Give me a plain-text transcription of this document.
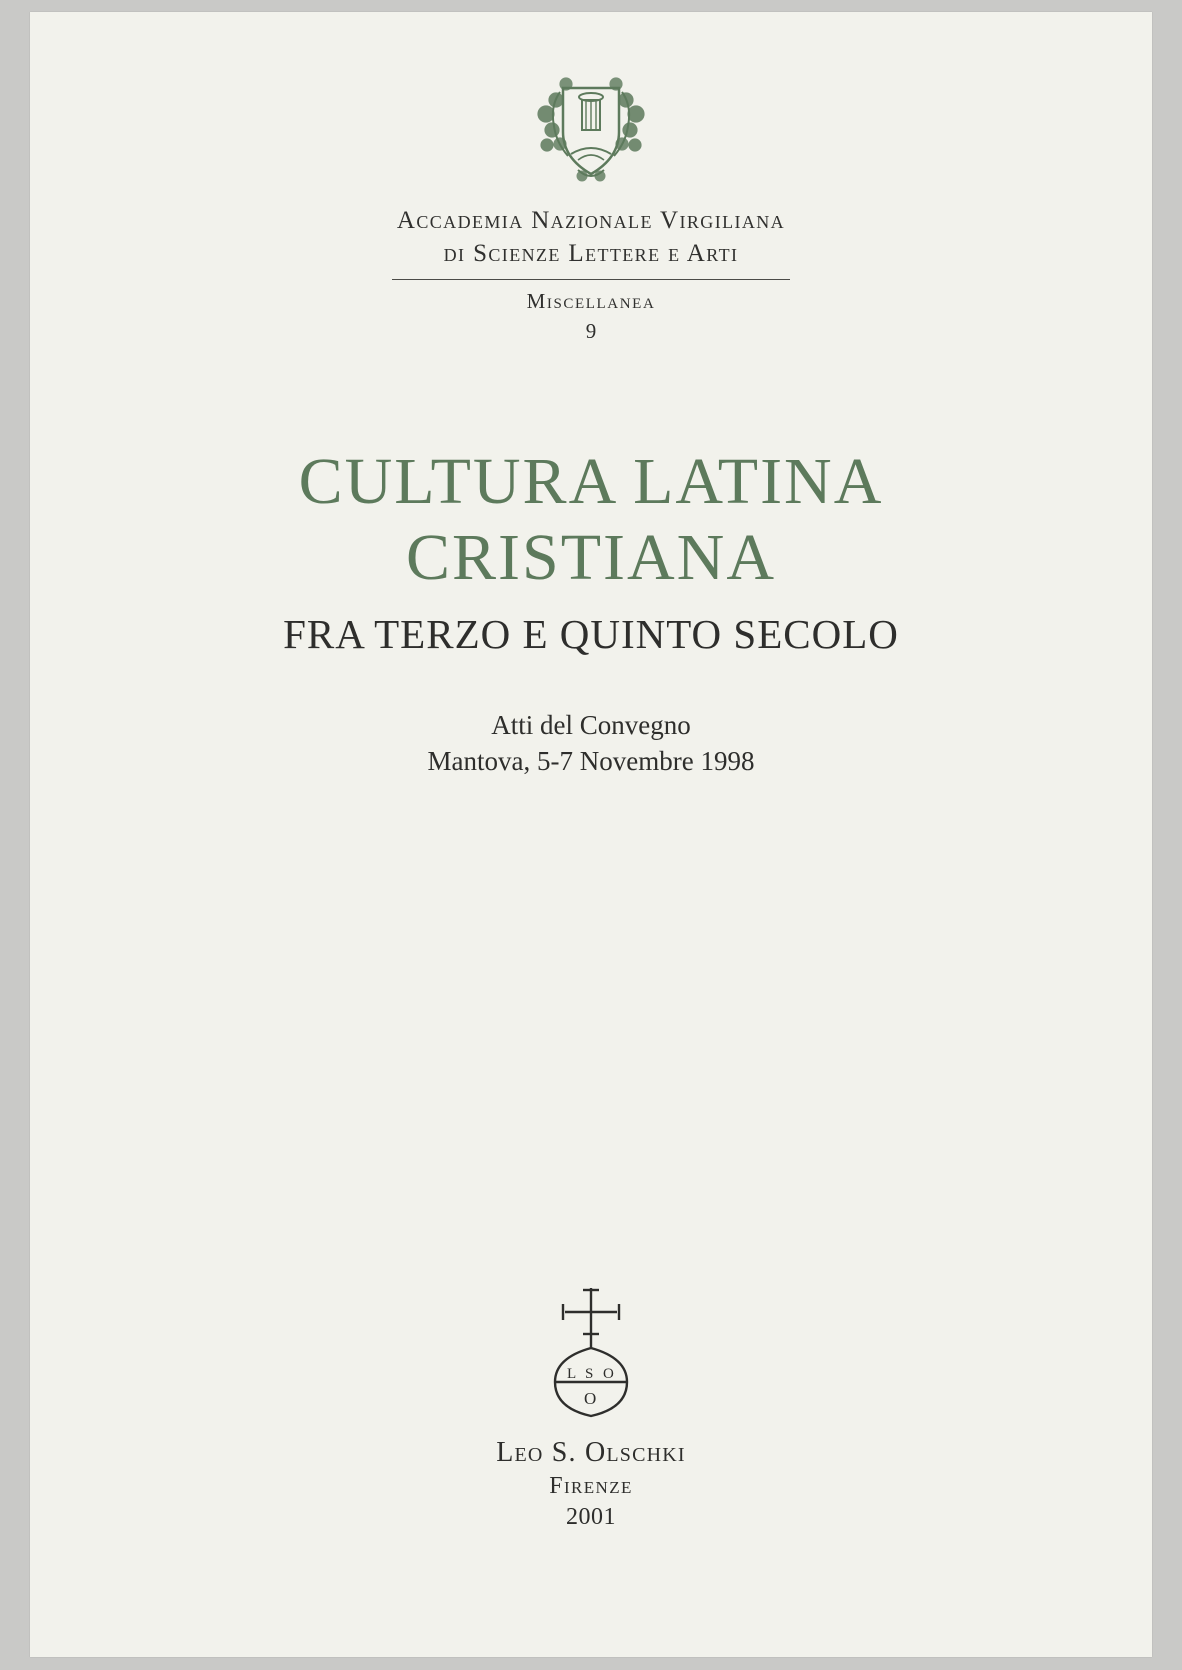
Accademia Nazionale Virgiliana
di Scienze Lettere e Arti
Miscellanea
9
CULTURA LATINA
CRISTIANA
FRA TERZO E QUINTO SECOLO
Atti del Convegno
Mantova, 5-7 Novembre 1998
L S O
O
Leo S. Olschki
Firenze
2001
